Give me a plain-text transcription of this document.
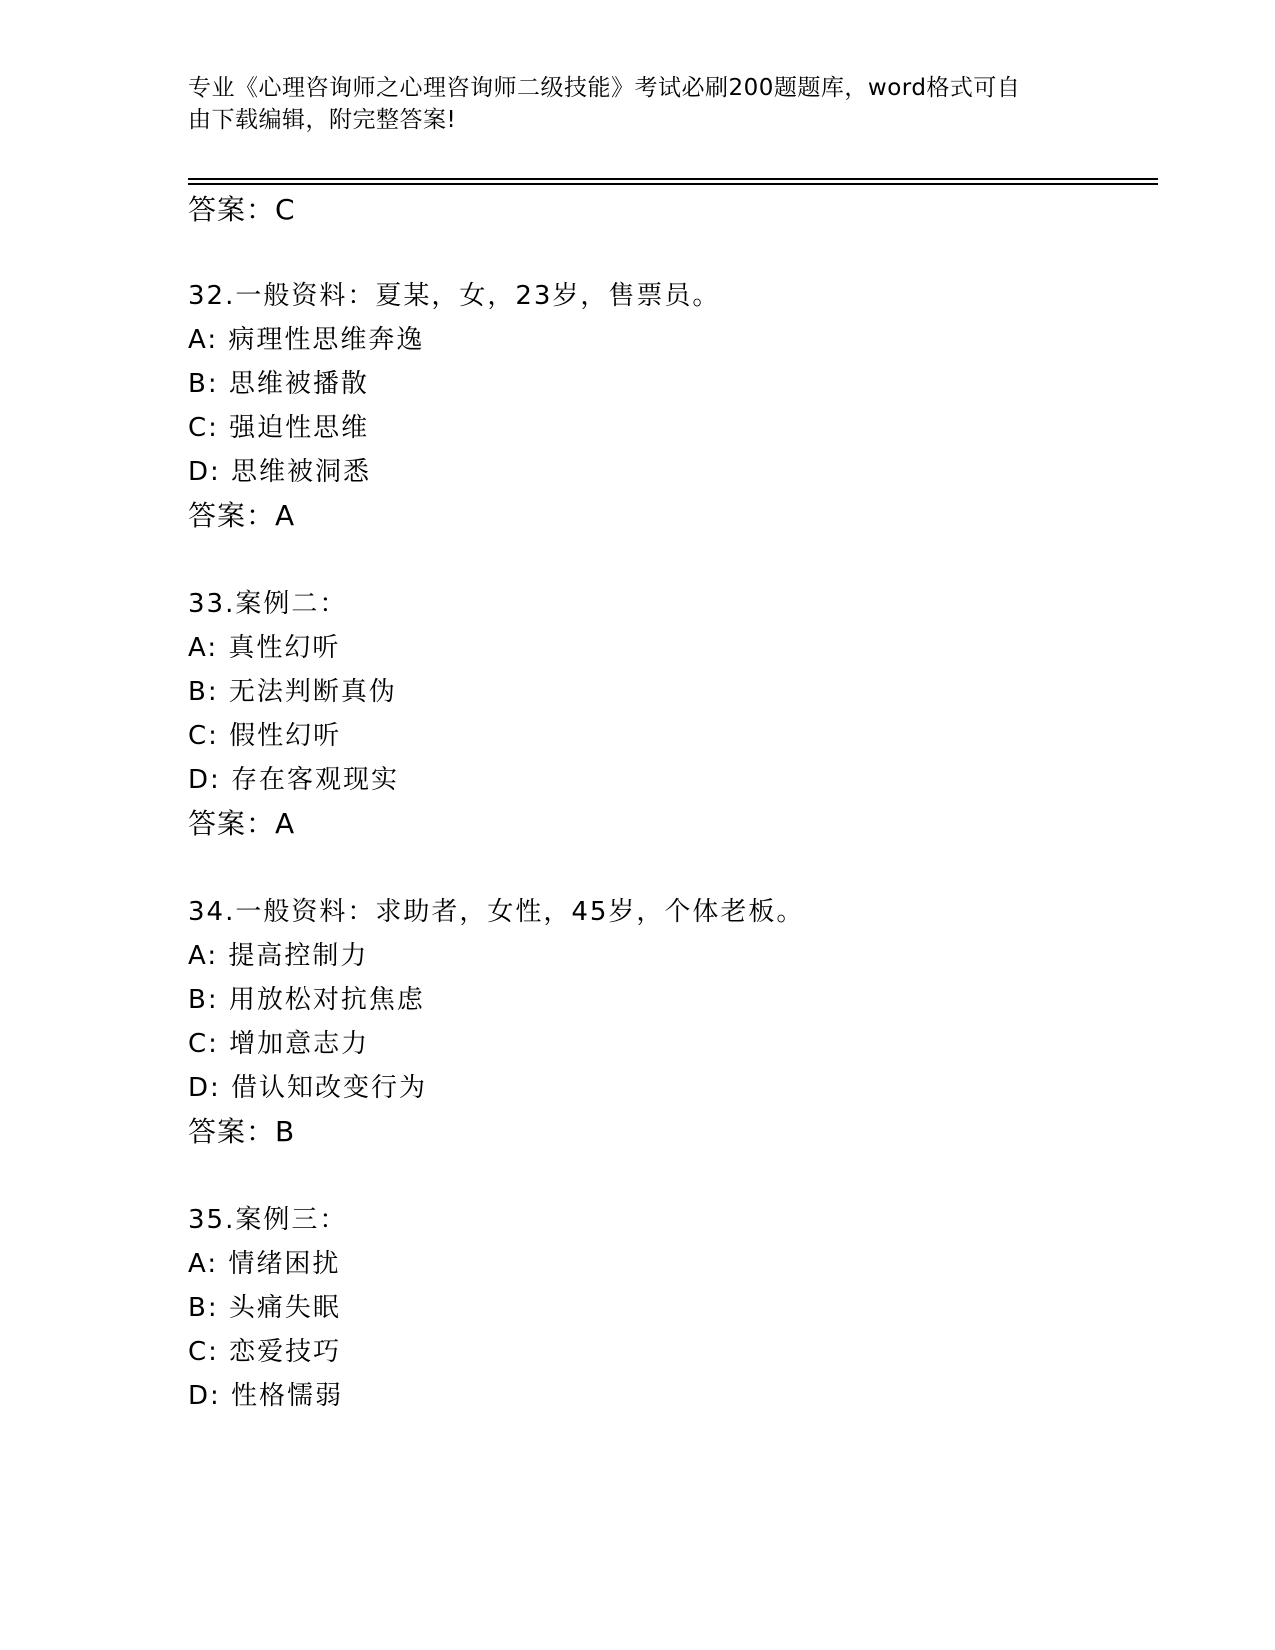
专业《心理咨询师之心理咨询师二级技能》考试必刷200题题库，word格式可自
由下载编辑，附完整答案!
答案：C
32.一般资料：夏某，女，23岁，售票员。
A: 病理性思维奔逸
B: 思维被播散
C: 强迫性思维
D: 思维被洞悉
答案：A
33.案例二：
A: 真性幻听
B: 无法判断真伪
C: 假性幻听
D: 存在客观现实
答案：A
34.一般资料：求助者，女性，45岁，个体老板。
A: 提高控制力
B: 用放松对抗焦虑
C: 增加意志力
D: 借认知改变行为
答案：B
35.案例三：
A: 情绪困扰
B: 头痛失眠
C: 恋爱技巧
D: 性格懦弱
